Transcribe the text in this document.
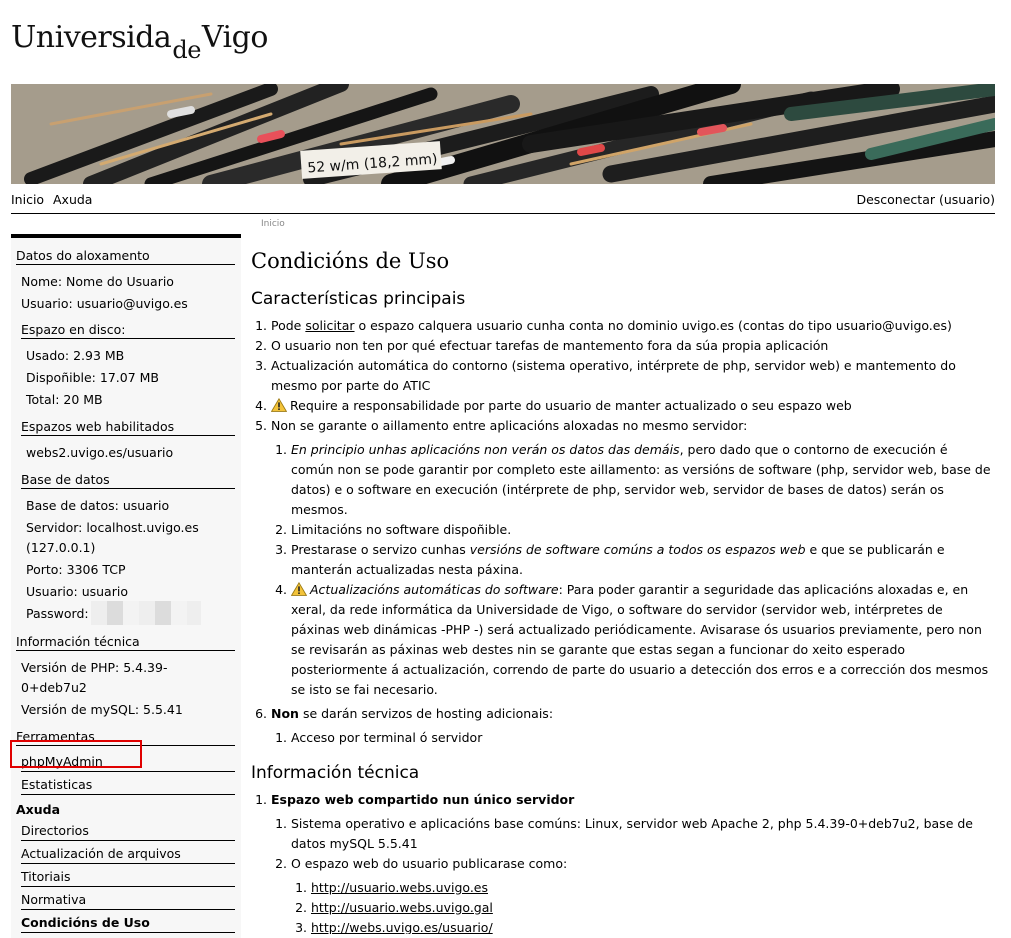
Universida$_{de}$Vigo
52 w/m (18,2 mm)
Inicio Axuda	Desconectar (usuario)
Inicio
Datos do aloxamento
Nome: Nome do Usuario
Usuario: usuario@uvigo.es
Espazo en disco:
Usado: 2.93 MB
Dispoñible: 17.07 MB
Total: 20 MB
Espazos web habilitados
webs2.uvigo.es/usuario
Base de datos
Base de datos: usuario
Servidor: localhost.uvigo.es
(127.0.0.1)
Porto: 3306 TCP
Usuario: usuario
Password:
Información técnica
Versión de PHP: 5.4.39-
0+deb7u2
Versión de mySQL: 5.5.41
Ferramentas
phpMyAdmin
Estatisticas
Axuda
Directorios
Actualización de arquivos
Titoriais
Normativa
Condicións de Uso
Condicións de Uso
Características principais
1. Pode solicitar o espazo calquera usuario cunha conta no dominio uvigo.es (contas do tipo usuario@uvigo.es)
2. O usuario non ten por qué efectuar tarefas de mantemento fora da súa propia aplicación
3. Actualización automática do contorno (sistema operativo, intérprete de php, servidor web) e mantemento do mesmo por parte do ATIC
4. Require a responsabilidade por parte do usuario de manter actualizado o seu espazo web
5. Non se garante o aillamento entre aplicacións aloxadas no mesmo servidor:
1. En principio unhas aplicacións non verán os datos das demáis, pero dado que o contorno de execución é común non se pode garantir por completo este aillamento: as versións de software (php, servidor web, base de datos) e o software en execución (intérprete de php, servidor web, servidor de bases de datos) serán os mesmos.
2. Limitacións no software dispoñible.
3. Prestarase o servizo cunhas versións de software comúns a todos os espazos web e que se publicarán e manterán actualizadas nesta páxina.
4. Actualizacións automáticas do software: Para poder garantir a seguridade das aplicacións aloxadas e, en xeral, da rede informática da Universidade de Vigo, o software do servidor (servidor web, intérpretes de páxinas web dinámicas -PHP -) será actualizado periódicamente. Avisarase ós usuarios previamente, pero non se revisarán as páxinas web destes nin se garante que estas segan a funcionar do xeito esperado posteriormente á actualización, correndo de parte do usuario a detección dos erros e a corrección dos mesmos se isto se fai necesario.
6. Non se darán servizos de hosting adicionais:
1. Acceso por terminal ó servidor
Información técnica
1. Espazo web compartido nun único servidor
1. Sistema operativo e aplicacións base comúns: Linux, servidor web Apache 2, php 5.4.39-0+deb7u2, base de datos mySQL 5.5.41
2. O espazo web do usuario publicarase como:
1. http://usuario.webs.uvigo.es
2. http://usuario.webs.uvigo.gal
3. http://webs.uvigo.es/usuario/
